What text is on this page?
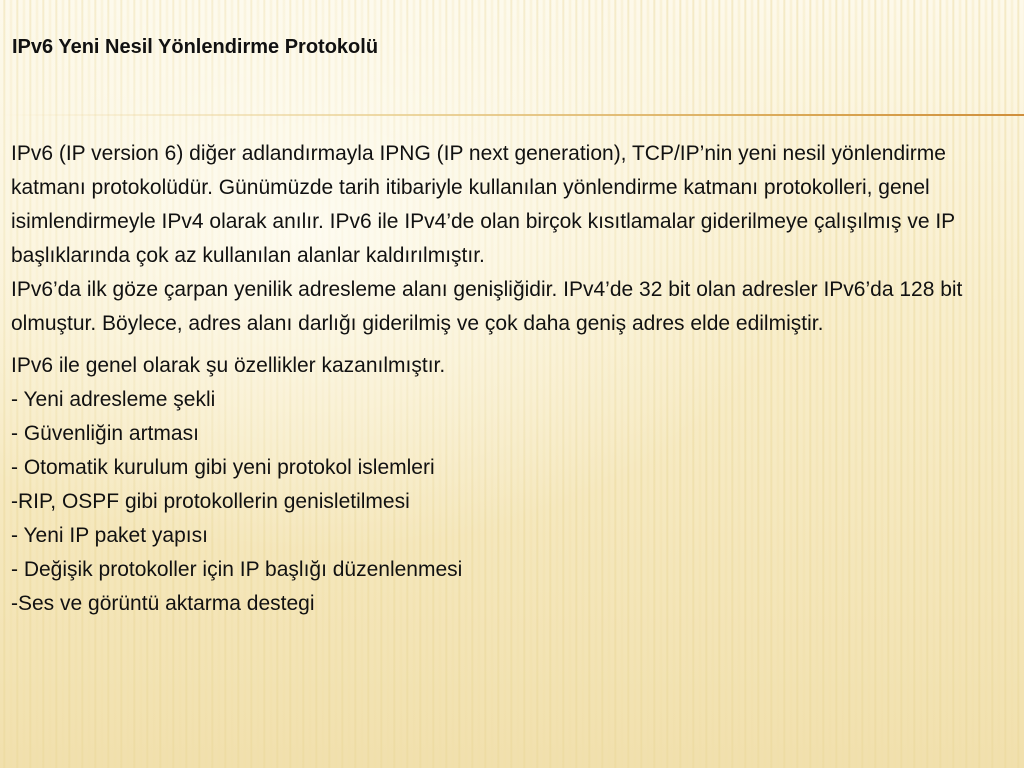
IPv6 Yeni Nesil Yönlendirme Protokolü

IPv6 (IP version 6) diğer adlandırmayla IPNG (IP next generation), TCP/IP’nin yeni nesil yönlendirme katmanı protokolüdür. Günümüzde tarih itibariyle kullanılan yönlendirme katmanı protokolleri, genel isimlendirmeyle IPv4 olarak anılır. IPv6 ile IPv4’de olan birçok kısıtlamalar giderilmeye çalışılmış ve IP başlıklarında çok az kullanılan alanlar kaldırılmıştır.

IPv6’da ilk göze çarpan yenilik adresleme alanı genişliğidir. IPv4’de 32 bit olan adresler IPv6’da 128 bit olmuştur. Böylece, adres alanı darlığı giderilmiş ve çok daha geniş adres elde edilmiştir.

IPv6 ile genel olarak şu özellikler kazanılmıştır.

- Yeni adresleme şekli
- Güvenliğin artması
- Otomatik kurulum gibi yeni protokol islemleri
-RIP, OSPF gibi protokollerin genisletilmesi
- Yeni IP paket yapısı
- Değişik protokoller için IP başlığı düzenlenmesi
-Ses ve görüntü aktarma destegi
